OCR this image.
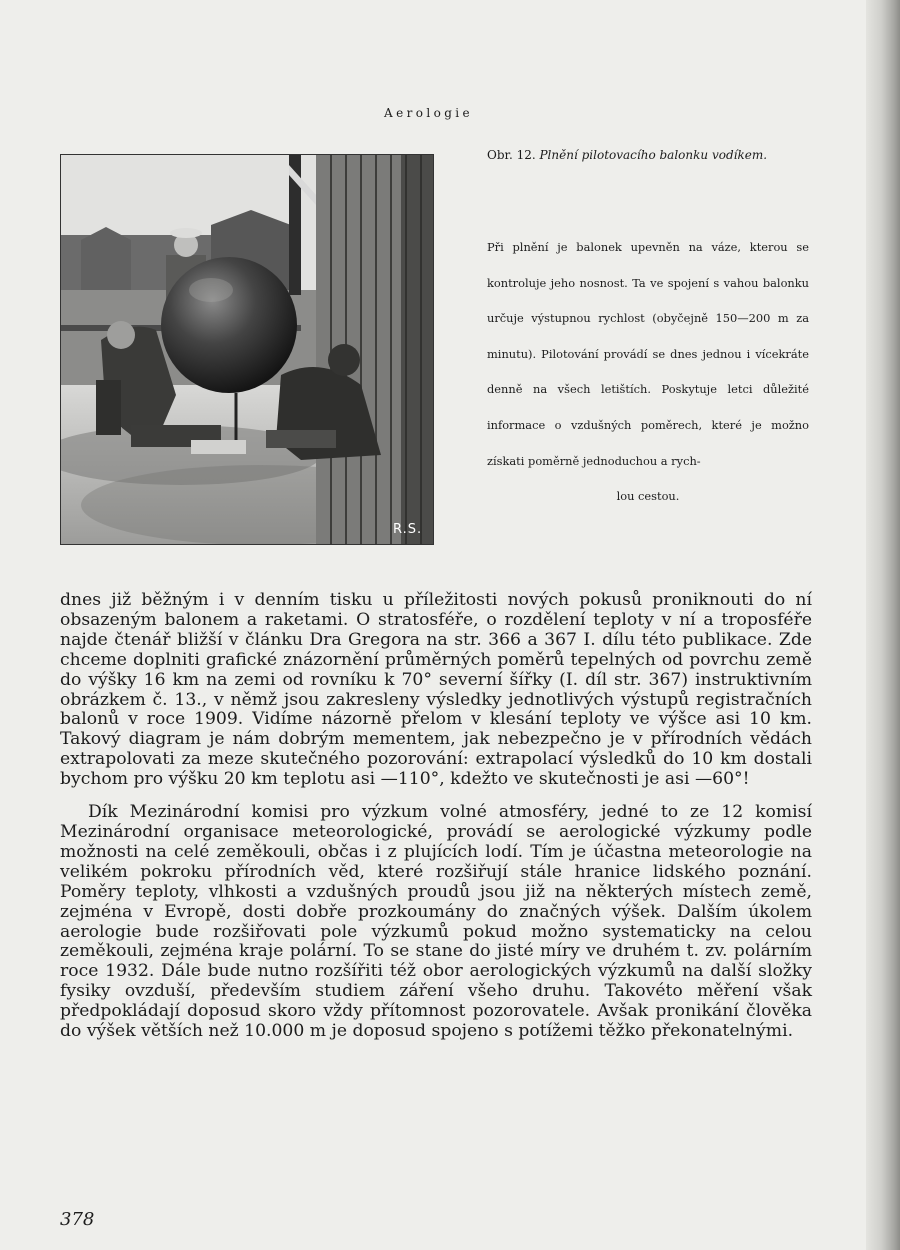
Aerologie
R.S.
Obr. 12. Plnění pilotovacího balonku vodíkem.
Při plnění je balonek upevněn na váze, kterou se kontroluje jeho nosnost. Ta ve spojení s vahou balonku určuje výstupnou rychlost (obyčejně 150—200 m za minutu). Pilotování provádí se dnes jednou i vícekráte denně na všech letištích. Poskytuje letci důležité informace o vzdušných poměrech, které je možno získati poměrně jednoduchou a rych-
lou cestou.

dnes již běžným i v denním tisku u příležitosti nových pokusů proniknouti do ní obsazeným balonem a raketami. O stratosféře, o rozdělení teploty v ní a troposféře najde čtenář bližší v článku Dra Gregora na str. 366 a 367 I. dílu této publikace. Zde chceme doplniti grafické znázornění průměrných poměrů tepelných od povrchu země do výšky 16 km na zemi od rovníku k 70° severní šířky (I. díl str. 367) instruktivním obrázkem č. 13., v němž jsou zakresleny výsledky jednotlivých výstupů registračních balonů v roce 1909. Vidíme názorně přelom v klesání teploty ve výšce asi 10 km. Takový diagram je nám dobrým mementem, jak nebezpečno je v přírodních vědách extrapolovati za meze skutečného pozorování: extrapolací výsledků do 10 km dostali bychom pro výšku 20 km teplotu asi —110°, kdežto ve skutečnosti je asi —60°!

Dík Mezinárodní komisi pro výzkum volné atmosféry, jedné to ze 12 komisí Mezinárodní organisace meteorologické, provádí se aerologické výzkumy podle možnosti na celé zeměkouli, občas i z plujících lodí. Tím je účastna meteorologie na velikém pokroku přírodních věd, které rozšiřují stále hranice lidského poznání. Poměry teploty, vlhkosti a vzdušných proudů jsou již na některých místech země, zejména v Evropě, dosti dobře prozkoumány do značných výšek. Dalším úkolem aerologie bude rozšiřovati pole výzkumů pokud možno systematicky na celou zeměkouli, zejména kraje polární. To se stane do jisté míry ve druhém t. zv. polárním roce 1932. Dále bude nutno rozšířiti též obor aerologických výzkumů na další složky fysiky ovzduší, především studiem záření všeho druhu. Takovéto měření však předpokládají doposud skoro vždy přítomnost pozorovatele. Avšak pronikání člověka do výšek větších než 10.000 m je doposud spojeno s potížemi těžko překonatelnými.

378
